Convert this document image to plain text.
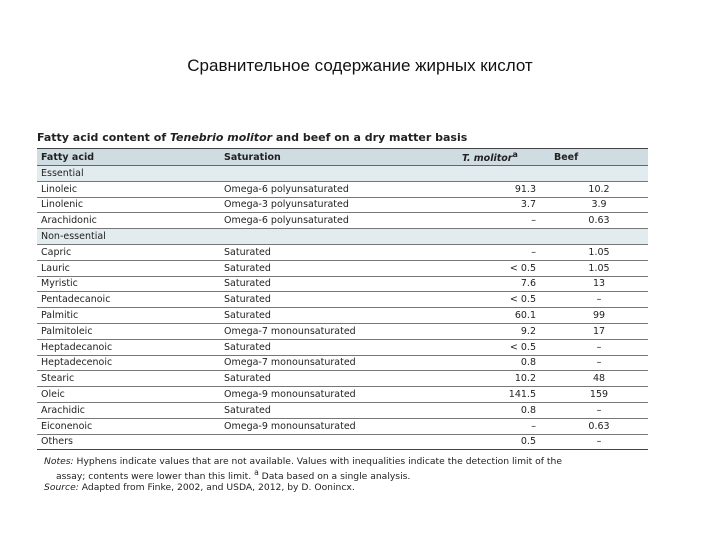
Сравнительное содержание жирных кислот
Fatty acid content of Tenebrio molitor and beef on a dry matter basis
Fatty acid	Saturation	T. molitor$^a$	Beef
Essential			
Linoleic	Omega-6 polyunsaturated	91.3	10.2
Linolenic	Omega-3 polyunsaturated	3.7	3.9
Arachidonic	Omega-6 polyunsaturated	–	0.63
Non-essential			
Capric	Saturated	–	1.05
Lauric	Saturated	< 0.5	1.05
Myristic	Saturated	7.6	13
Pentadecanoic	Saturated	< 0.5	–
Palmitic	Saturated	60.1	99
Palmitoleic	Omega-7 monounsaturated	9.2	17
Heptadecanoic	Saturated	< 0.5	–
Heptadecenoic	Omega-7 monounsaturated	0.8	–
Stearic	Saturated	10.2	48
Oleic	Omega-9 monounsaturated	141.5	159
Arachidic	Saturated	0.8	–
Eiconenoic	Omega-9 monounsaturated	–	0.63
Others		0.5	–
Notes: Hyphens indicate values that are not available. Values with inequalities indicate the detection limit of the
assay; contents were lower than this limit. $^a$ Data based on a single analysis.
Source: Adapted from Finke, 2002, and USDA, 2012, by D. Oonincx.
